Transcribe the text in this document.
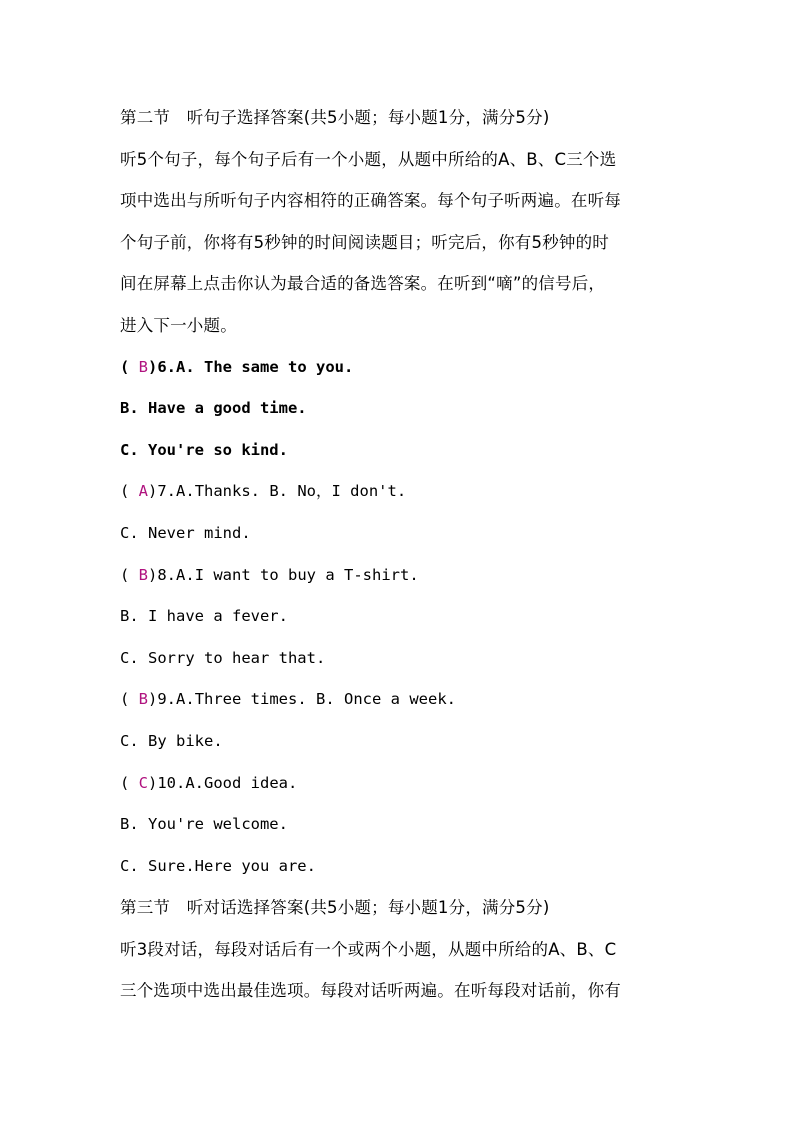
第二节　听句子选择答案(共5小题；每小题1分，满分5分)
听5个句子，每个句子后有一个小题，从题中所给的A、B、C三个选
项中选出与所听句子内容相符的正确答案。每个句子听两遍。在听每
个句子前，你将有5秒钟的时间阅读题目；听完后，你有5秒钟的时
间在屏幕上点击你认为最合适的备选答案。在听到“嘀”的信号后，
进入下一小题。
( B)6.A. The same to you.
B. Have a good time.
C. You're so kind.
( A)7.A.Thanks. B. No，I don't.
C. Never mind.
( B)8.A.I want to buy a T-shirt.
B. I have a fever.
C. Sorry to hear that.
( B)9.A.Three times. B. Once a week.
C. By bike.
( C)10.A.Good idea.
B. You're welcome.
C. Sure.Here you are.
第三节　听对话选择答案(共5小题；每小题1分，满分5分)
听3段对话，每段对话后有一个或两个小题，从题中所给的A、B、C
三个选项中选出最佳选项。每段对话听两遍。在听每段对话前，你有
